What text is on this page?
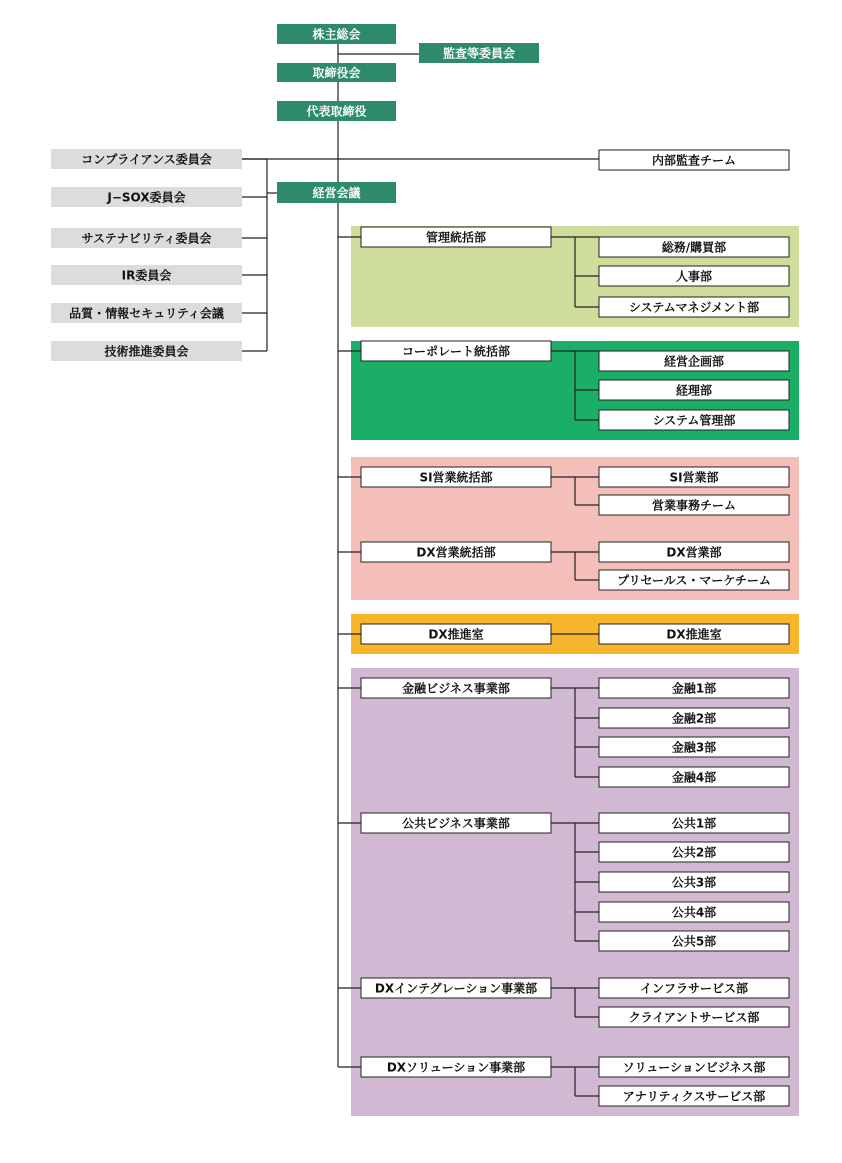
株主総会
監査等委員会
取締役会
代表取締役
経営会議
内部監査チーム
コンプライアンス委員会
J−SOX委員会
サステナビリティ委員会
IR委員会
品質・情報セキュリティ会議
技術推進委員会
管理統括部
総務/購買部
人事部
システムマネジメント部
コーポレート統括部
経営企画部
経理部
システム管理部
SI営業統括部	SI営業部
営業事務チーム
DX営業統括部	DX営業部
プリセールス・マーケチーム
DX推進室	DX推進室
金融ビジネス事業部	金融1部
金融2部
金融3部
金融4部
公共ビジネス事業部	公共1部
公共2部
公共3部
公共4部
公共5部
DXインテグレーション事業部	インフラサービス部
クライアントサービス部
DXソリューション事業部	ソリューションビジネス部
アナリティクスサービス部
